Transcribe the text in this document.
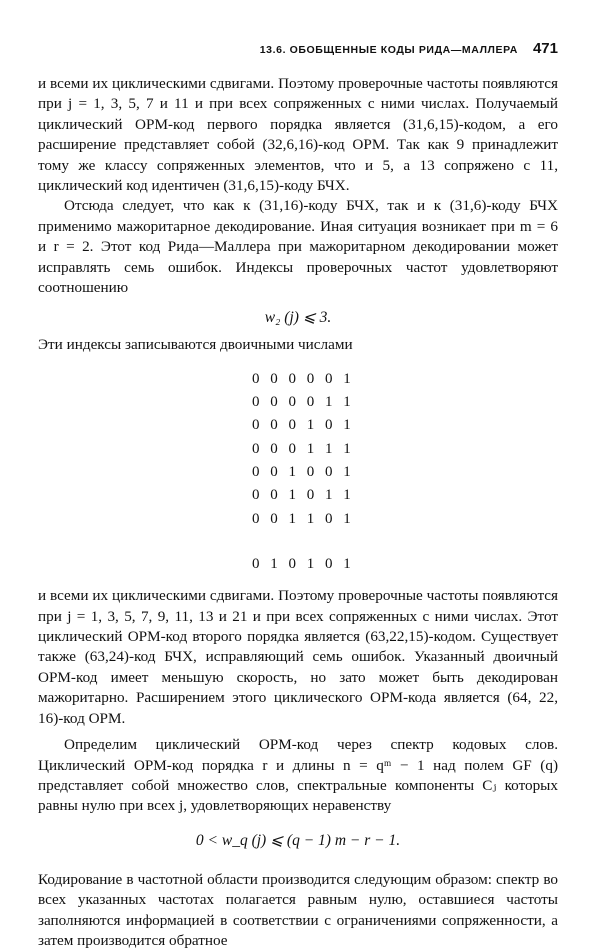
13.6. ОБОБЩЕННЫЕ КОДЫ РИДА—МАЛЛЕРА 471

и всеми их циклическими сдвигами. Поэтому проверочные частоты появляются при j = 1, 3, 5, 7 и 11 и при всех сопряженных с ними числах. Получаемый циклический ОРМ-код первого порядка является (31,6,15)-кодом, а его расширение представляет собой (32,6,16)-код ОРМ. Так как 9 принадлежит тому же классу сопряженных элементов, что и 5, а 13 сопряжено с 11, циклический код идентичен (31,6,15)-коду БЧХ.

Отсюда следует, что как к (31,16)-коду БЧХ, так и к (31,6)-коду БЧХ применимо мажоритарное декодирование. Иная ситуация возникает при m = 6 и r = 2. Этот код Рида—Маллера при мажоритарном декодировании может исправлять семь ошибок. Индексы проверочных частот удовлетворяют соотношению

w₂ (j) ⩽ 3.

Эти индексы записываются двоичными числами

0 0 0 0 0 1
0 0 0 0 1 1
0 0 0 1 0 1
0 0 0 1 1 1
0 0 1 0 0 1
0 0 1 0 1 1
0 0 1 1 0 1
0 1 0 1 0 1

и всеми их циклическими сдвигами. Поэтому проверочные частоты появляются при j = 1, 3, 5, 7, 9, 11, 13 и 21 и при всех сопряженных с ними числах. Этот циклический ОРМ-код второго порядка является (63,22,15)-кодом. Существует также (63,24)-код БЧХ, исправляющий семь ошибок. Указанный двоичный ОРМ-код имеет меньшую скорость, но зато может быть декодирован мажоритарно. Расширением этого циклического ОРМ-кода является (64, 22, 16)-код ОРМ.

Определим циклический ОРМ-код через спектр кодовых слов. Циклический ОРМ-код порядка r и длины n = qᵐ − 1 над полем GF (q) представляет собой множество слов, спектральные компоненты Cⱼ которых равны нулю при всех j, удовлетворяющих неравенству

0 < w_q (j) ⩽ (q − 1) m − r − 1.

Кодирование в частотной области производится следующим образом: спектр во всех указанных частотах полагается равным нулю, оставшиеся частоты заполняются информацией в соответствии с ограничениями сопряженности, а затем производится обратное
